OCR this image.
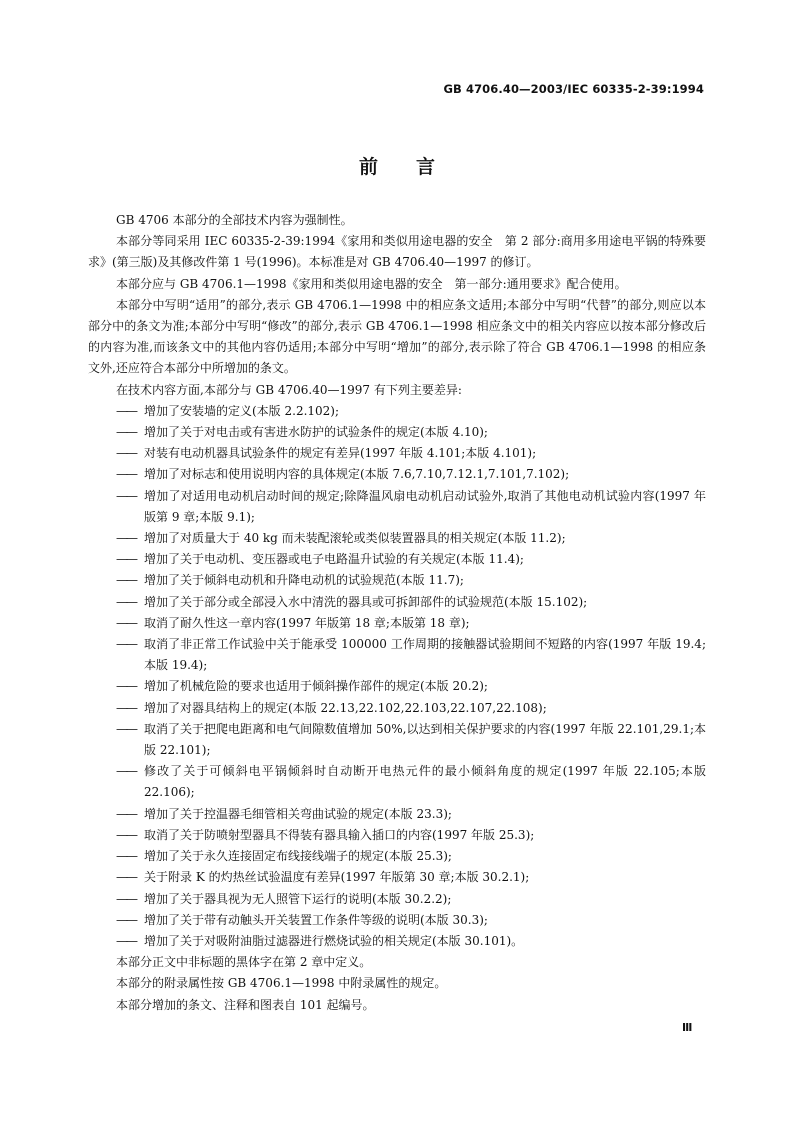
GB 4706.40—2003/IEC 60335-2-39:1994
前　　言

GB 4706 本部分的全部技术内容为强制性。

本部分等同采用 IEC 60335-2-39:1994《家用和类似用途电器的安全　第 2 部分:商用多用途电平锅的特殊要求》(第三版)及其修改件第 1 号(1996)。本标准是对 GB 4706.40—1997 的修订。

本部分应与 GB 4706.1—1998《家用和类似用途电器的安全　第一部分:通用要求》配合使用。

本部分中写明“适用”的部分,表示 GB 4706.1—1998 中的相应条文适用;本部分中写明“代替”的部分,则应以本部分中的条文为准;本部分中写明“修改”的部分,表示 GB 4706.1—1998 相应条文中的相关内容应以按本部分修改后的内容为准,而该条文中的其他内容仍适用;本部分中写明“增加”的部分,表示除了符合 GB 4706.1—1998 的相应条文外,还应符合本部分中所增加的条文。

在技术内容方面,本部分与 GB 4706.40—1997 有下列主要差异:

—— 增加了安装墙的定义(本版 2.2.102);
—— 增加了关于对电击或有害进水防护的试验条件的规定(本版 4.10);
—— 对装有电动机器具试验条件的规定有差异(1997 年版 4.101;本版 4.101);
—— 增加了对标志和使用说明内容的具体规定(本版 7.6,7.10,7.12.1,7.101,7.102);
—— 增加了对适用电动机启动时间的规定;除降温风扇电动机启动试验外,取消了其他电动机试验内容(1997 年版第 9 章;本版 9.1);
—— 增加了对质量大于 40 kg 而未装配滚轮或类似装置器具的相关规定(本版 11.2);
—— 增加了关于电动机、变压器或电子电路温升试验的有关规定(本版 11.4);
—— 增加了关于倾斜电动机和升降电动机的试验规范(本版 11.7);
—— 增加了关于部分或全部浸入水中清洗的器具或可拆卸部件的试验规范(本版 15.102);
—— 取消了耐久性这一章内容(1997 年版第 18 章;本版第 18 章);
—— 取消了非正常工作试验中关于能承受 100000 工作周期的接触器试验期间不短路的内容(1997 年版 19.4;本版 19.4);
—— 增加了机械危险的要求也适用于倾斜操作部件的规定(本版 20.2);
—— 增加了对器具结构上的规定(本版 22.13,22.102,22.103,22.107,22.108);
—— 取消了关于把爬电距离和电气间隙数值增加 50%,以达到相关保护要求的内容(1997 年版 22.101,29.1;本版 22.101);
—— 修改了关于可倾斜电平锅倾斜时自动断开电热元件的最小倾斜角度的规定(1997 年版 22.105;本版 22.106);
—— 增加了关于控温器毛细管相关弯曲试验的规定(本版 23.3);
—— 取消了关于防喷射型器具不得装有器具输入插口的内容(1997 年版 25.3);
—— 增加了关于永久连接固定布线接线端子的规定(本版 25.3);
—— 关于附录 K 的灼热丝试验温度有差异(1997 年版第 30 章;本版 30.2.1);
—— 增加了关于器具视为无人照管下运行的说明(本版 30.2.2);
—— 增加了关于带有动触头开关装置工作条件等级的说明(本版 30.3);
—— 增加了关于对吸附油脂过滤器进行燃烧试验的相关规定(本版 30.101)。

本部分正文中非标题的黑体字在第 2 章中定义。

本部分的附录属性按 GB 4706.1—1998 中附录属性的规定。

本部分增加的条文、注释和图表自 101 起编号。

Ⅲ
